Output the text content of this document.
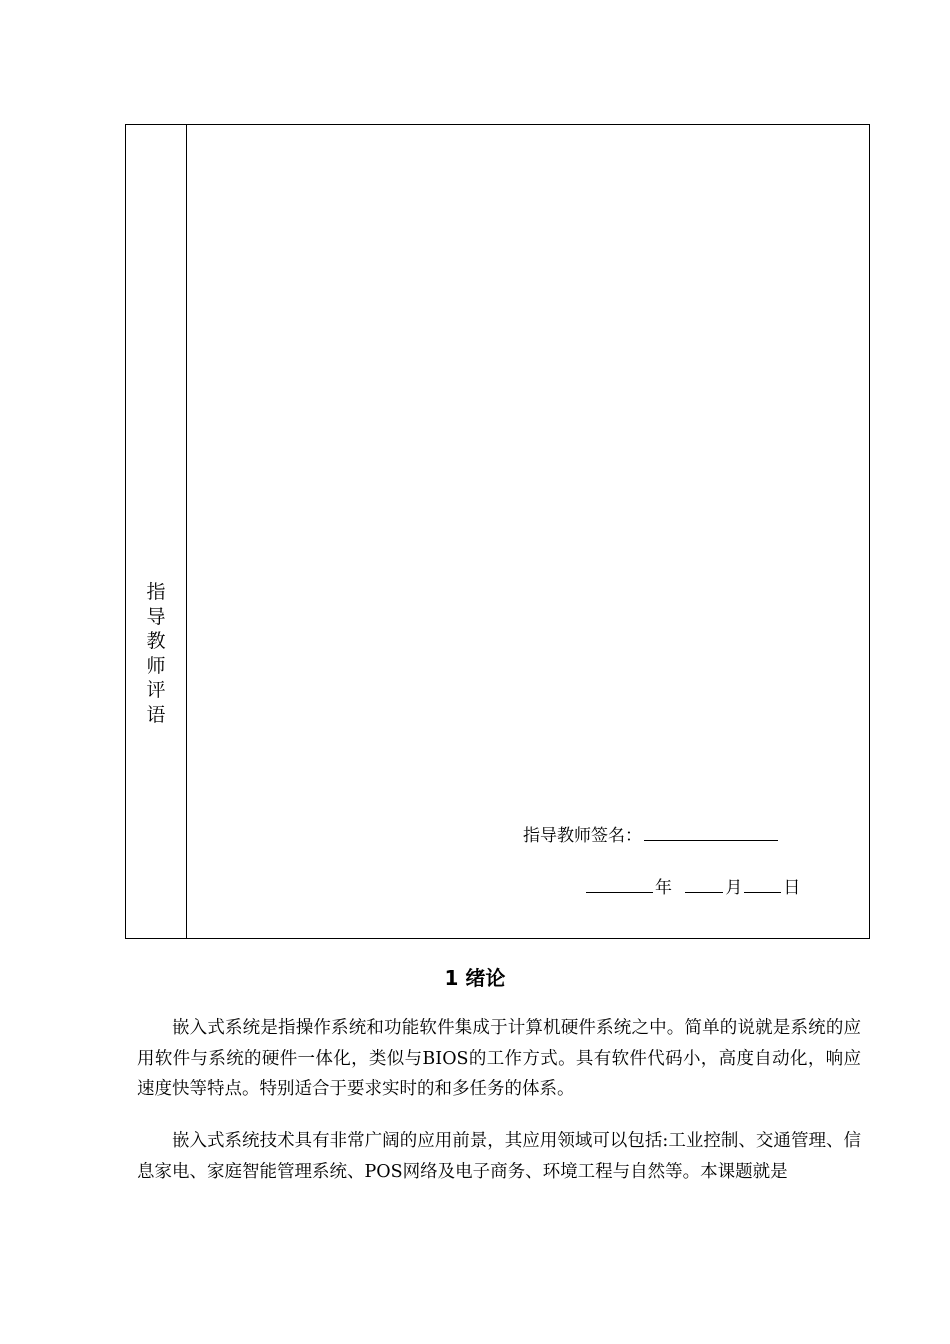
指导教师评语
指导教师签名：
年	月 日
1 绪论

嵌入式系统是指操作系统和功能软件集成于计算机硬件系统之中。简单的说就是系统的应用软件与系统的硬件一体化，类似与BIOS的工作方式。具有软件代码小，高度自动化，响应速度快等特点。特别适合于要求实时的和多任务的体系。

嵌入式系统技术具有非常广阔的应用前景，其应用领域可以包括:工业控制、交通管理、信息家电、家庭智能管理系统、POS网络及电子商务、环境工程与自然等。本课题就是
